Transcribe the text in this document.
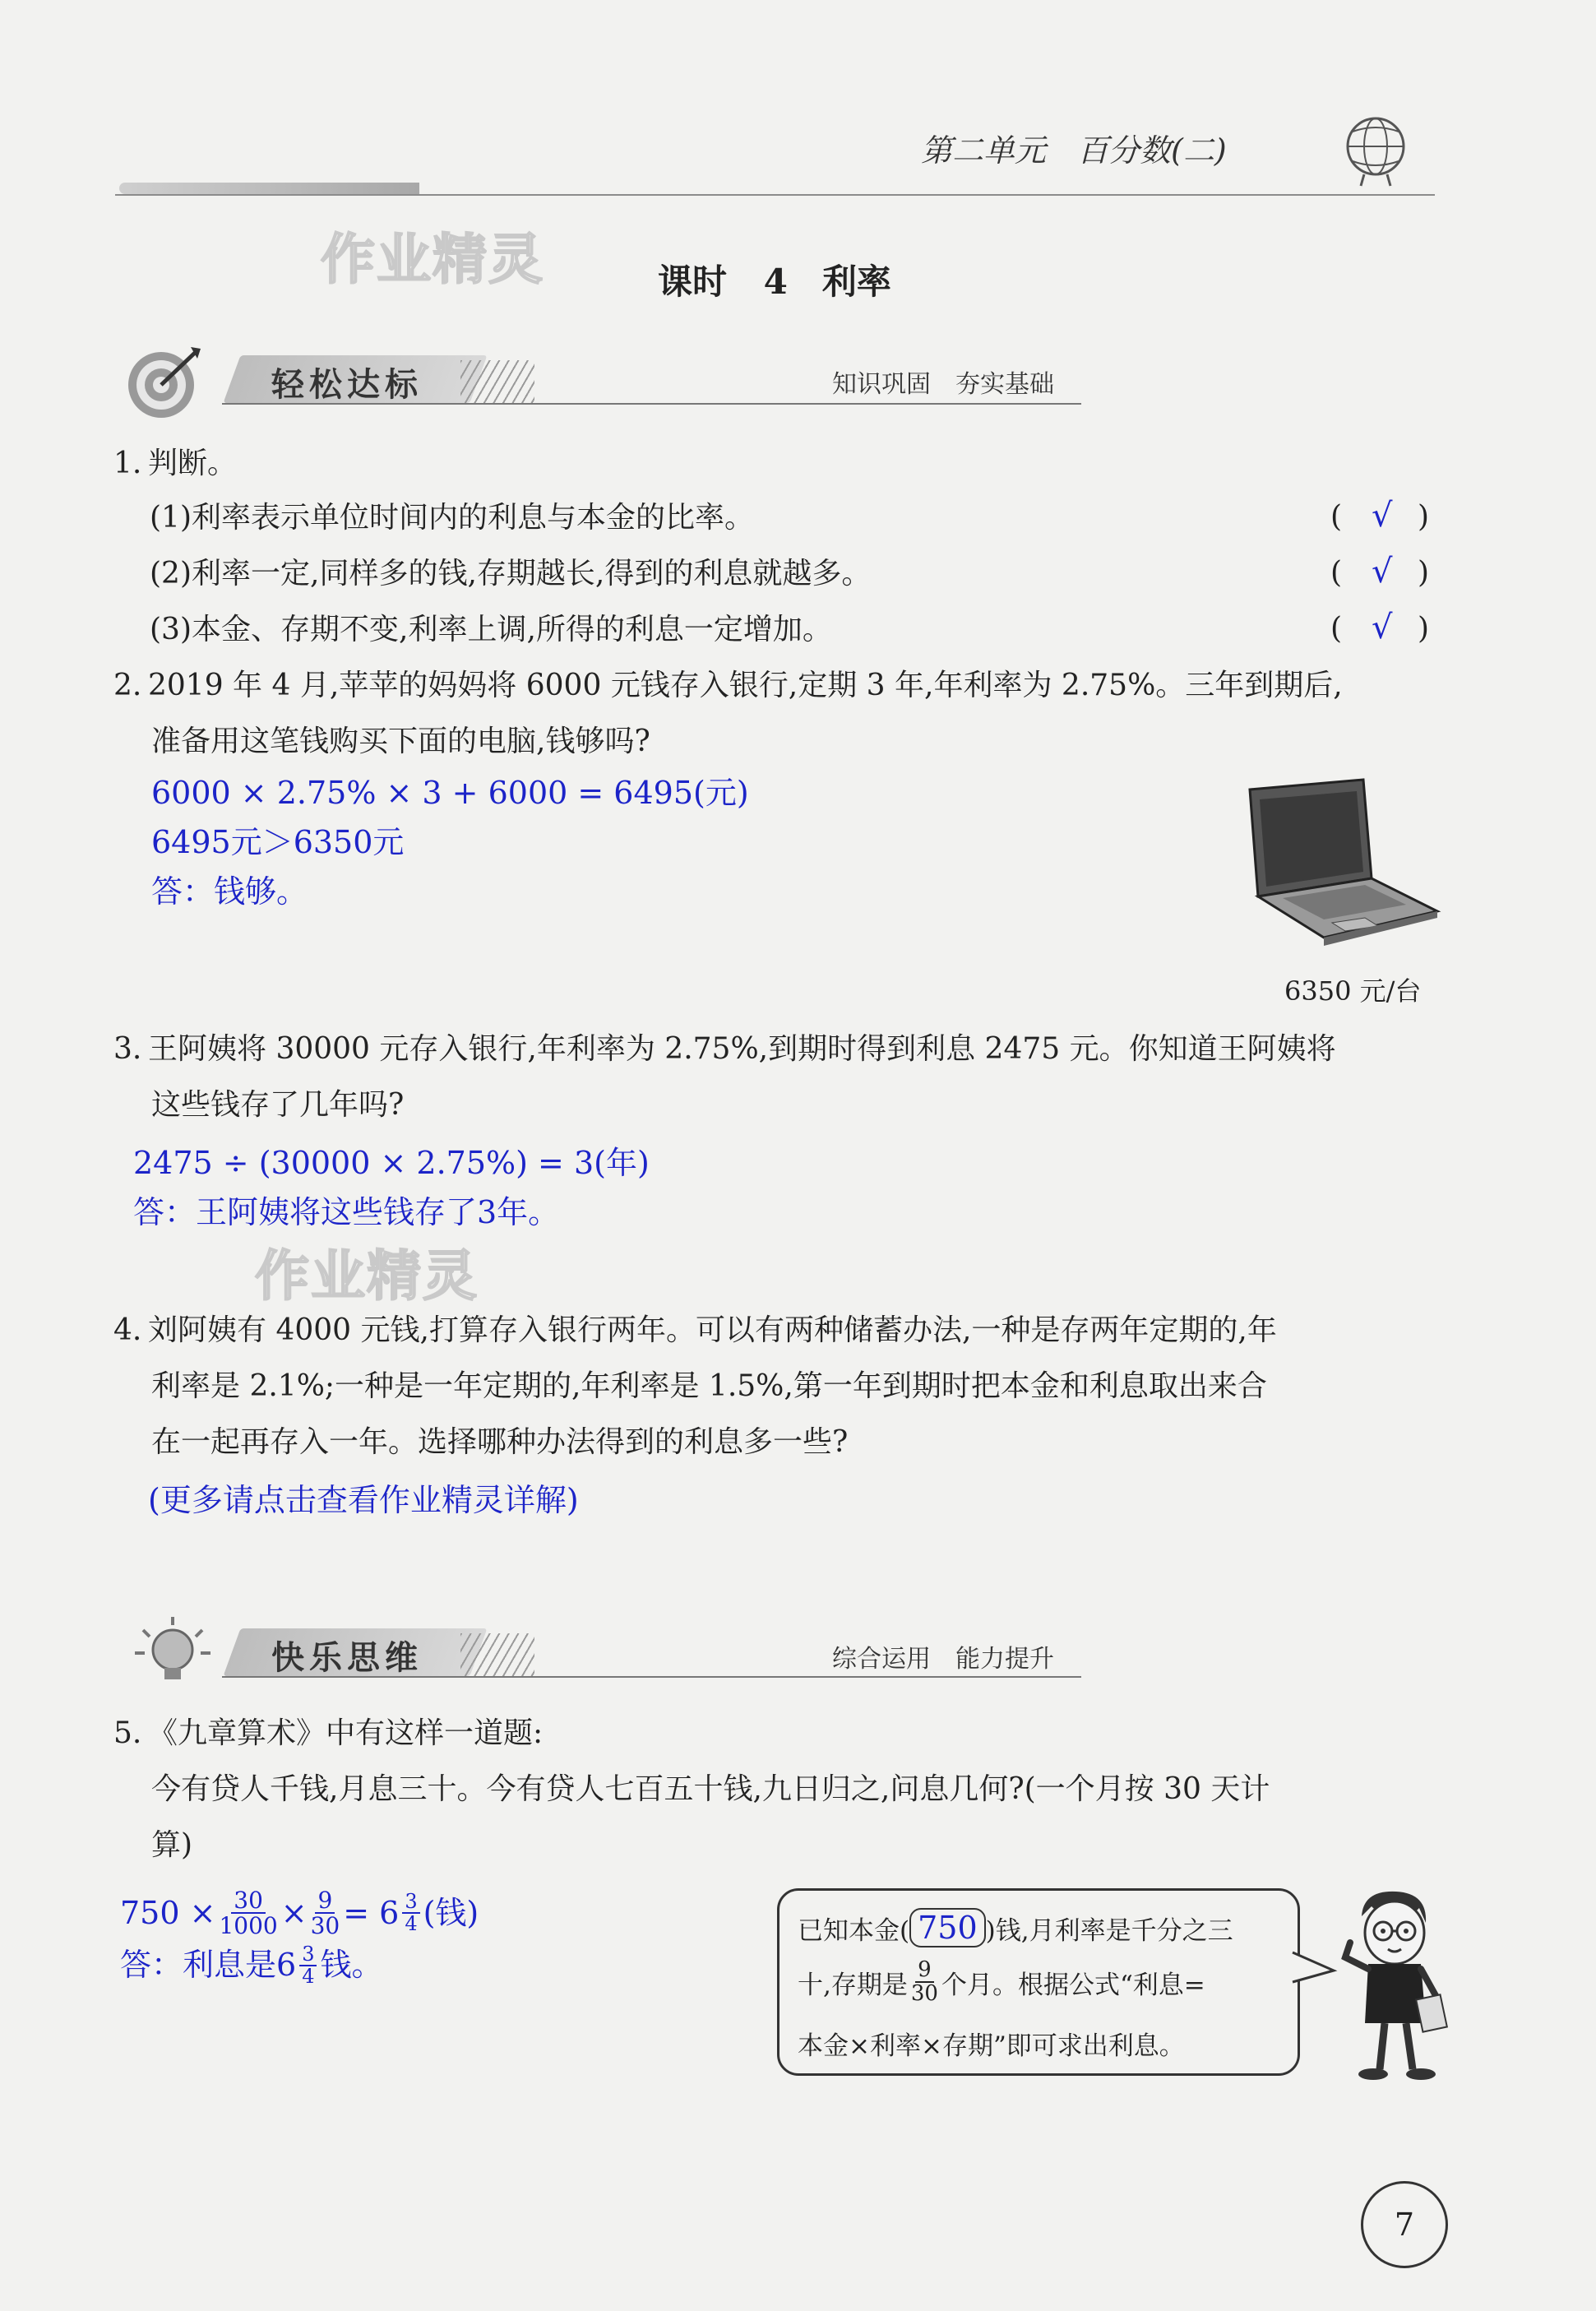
第二单元　百分数(二)
作业精灵	课时 4　利率
轻松达标	知识巩固　夯实基础
1. 判断。
(1)利率表示单位时间内的利息与本金的比率。	( √ )
(2)利率一定,同样多的钱,存期越长,得到的利息就越多。	( √ )
(3)本金、存期不变,利率上调,所得的利息一定增加。	( √ )
2. 2019 年 4 月,苹苹的妈妈将 6000 元钱存入银行,定期 3 年,年利率为 2.75%。三年到期后,
准备用这笔钱购买下面的电脑,钱够吗?
6000 × 2.75% × 3 + 6000 = 6495(元)
6495元＞6350元
答：钱够。
6350 元/台
3. 王阿姨将 30000 元存入银行,年利率为 2.75%,到期时得到利息 2475 元。你知道王阿姨将
这些钱存了几年吗?
2475 ÷ (30000 × 2.75%) = 3(年)
答：王阿姨将这些钱存了3年。
作业精灵
4. 刘阿姨有 4000 元钱,打算存入银行两年。可以有两种储蓄办法,一种是存两年定期的,年
利率是 2.1%;一种是一年定期的,年利率是 1.5%,第一年到期时把本金和利息取出来合
在一起再存入一年。选择哪种办法得到的利息多一些?
(更多请点击查看作业精灵详解)
快乐思维	综合运用　能力提升
5. 《九章算术》中有这样一道题:
今有贷人千钱,月息三十。今有贷人七百五十钱,九日归之,问息几何?(一个月按 30 天计
算)
$750 \times \frac{30}{1000} \times \frac{9}{30} = 6 \frac{3}{4}$ (钱)
答：利息是$6 \frac{3}{4}$ 钱。
已知本金( 750 )钱,月利率是千分之三
十,存期是 $\frac{9}{30}$ 个月。根据公式“利息=
本金×利率×存期”即可求出利息。
7
